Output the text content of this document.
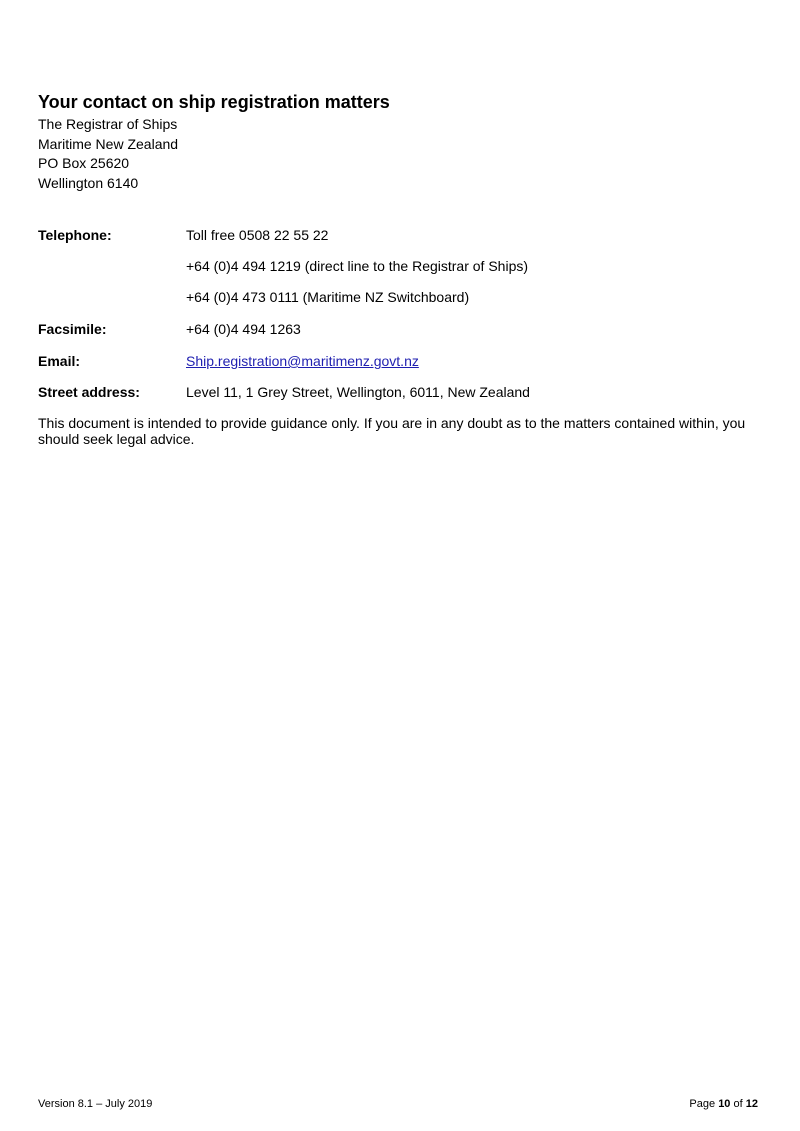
Your contact on ship registration matters
The Registrar of Ships
Maritime New Zealand
PO Box 25620
Wellington 6140
Telephone:	Toll free 0508 22 55 22
+64 (0)4 494 1219 (direct line to the Registrar of Ships)
+64 (0)4 473 0111 (Maritime NZ Switchboard)
Facsimile:	+64 (0)4 494 1263
Email:	Ship.registration@maritimenz.govt.nz
Street address:	Level 11, 1 Grey Street, Wellington, 6011, New Zealand

This document is intended to provide guidance only. If you are in any doubt as to the matters contained within, you should seek legal advice.

Version 8.1 – July 2019	Page 10 of 12
